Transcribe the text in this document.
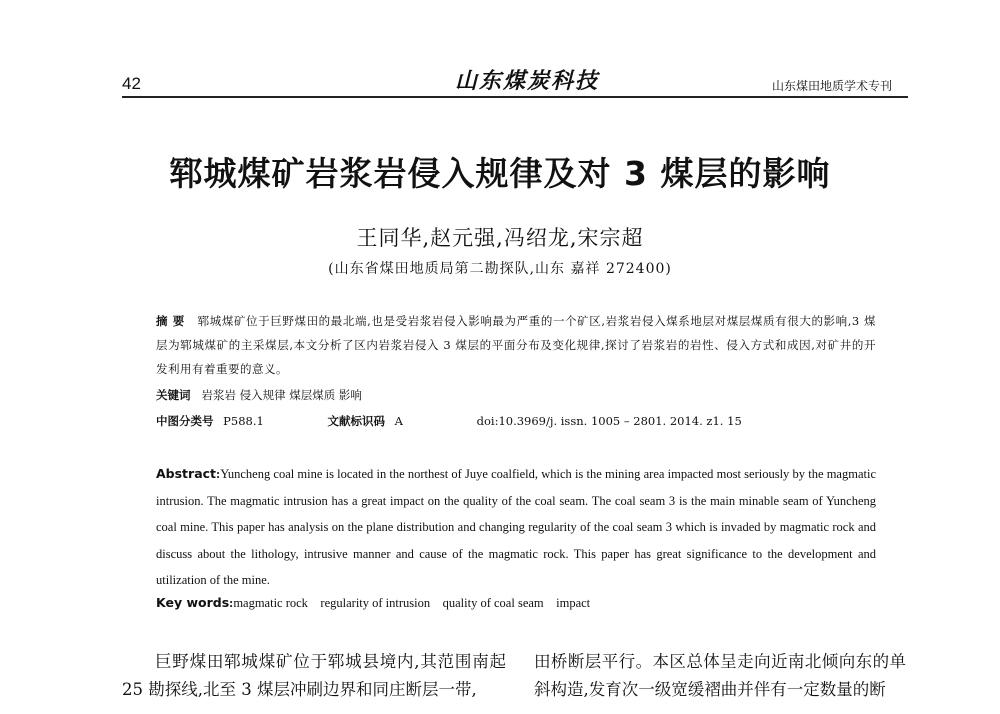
42	山东煤炭科技	山东煤田地质学术专刊
郓城煤矿岩浆岩侵入规律及对 3 煤层的影响
王同华,赵元强,冯绍龙,宋宗超
(山东省煤田地质局第二勘探队,山东 嘉祥 272400)
摘 要 郓城煤矿位于巨野煤田的最北端,也是受岩浆岩侵入影响最为严重的一个矿区,岩浆岩侵入煤系地层对煤层煤质有很大的影响,3 煤层为郓城煤矿的主采煤层,本文分析了区内岩浆岩侵入 3 煤层的平面分布及变化规律,探讨了岩浆岩的岩性、侵入方式和成因,对矿井的开发利用有着重要的意义。
关键词 岩浆岩 侵入规律 煤层煤质 影响
中图分类号 P588.1	文献标识码 A	doi:10.3969/j. issn. 1005 – 2801. 2014. z1. 15
Abstract:Yuncheng coal mine is located in the northest of Juye coalfield, which is the mining area impacted most seriously by the magmatic intrusion. The magmatic intrusion has a great impact on the quality of the coal seam. The coal seam 3 is the main minable seam of Yuncheng coal mine. This paper has analysis on the plane distribution and changing regularity of the coal seam 3 which is invaded by magmatic rock and discuss about the lithology, intrusive manner and cause of the magmatic rock. This paper has great significance to the development and utilization of the mine.
Key words:magmatic rock    regularity of intrusion    quality of coal seam    impact
巨野煤田郓城煤矿位于郓城县境内,其范围南起25 勘探线,北至 3 煤层冲刷边界和同庄断层一带,
田桥断层平行。本区总体呈走向近南北倾向东的单斜构造,发育次一级宽缓褶曲并伴有一定数量的断
